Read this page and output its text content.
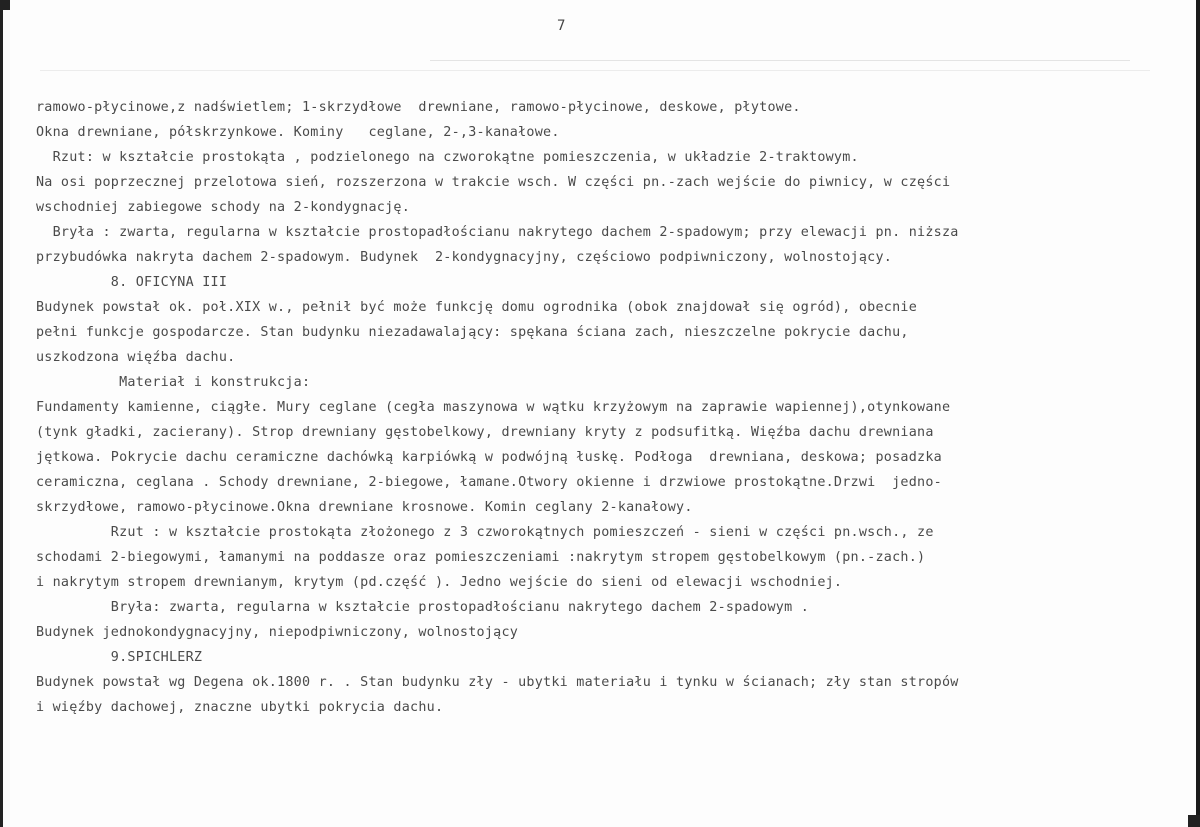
7
ramowo-płycinowe,z nadświetlem; 1-skrzydłowe  drewniane, ramowo-płycinowe, deskowe, płytowe.
Okna drewniane, półskrzynkowe. Kominy   ceglane, 2-,3-kanałowe.
Rzut: w kształcie prostokąta , podzielonego na czworokątne pomieszczenia, w układzie 2-traktowym.
Na osi poprzecznej przelotowa sień, rozszerzona w trakcie wsch. W części pn.-zach wejście do piwnicy, w części
wschodniej zabiegowe schody na 2-kondygnację.
Bryła : zwarta, regularna w kształcie prostopadłościanu nakrytego dachem 2-spadowym; przy elewacji pn. niższa
przybudówka nakryta dachem 2-spadowym. Budynek  2-kondygnacyjny, częściowo podpiwniczony, wolnostojący.
8. OFICYNA III
Budynek powstał ok. poł.XIX w., pełnił być może funkcję domu ogrodnika (obok znajdował się ogród), obecnie
pełni funkcje gospodarcze. Stan budynku niezadawalający: spękana ściana zach, nieszczelne pokrycie dachu,
uszkodzona więźba dachu.
Materiał i konstrukcja:
Fundamenty kamienne, ciągłe. Mury ceglane (cegła maszynowa w wątku krzyżowym na zaprawie wapiennej),otynkowane
(tynk gładki, zacierany). Strop drewniany gęstobelkowy, drewniany kryty z podsufitką. Więźba dachu drewniana
jętkowa. Pokrycie dachu ceramiczne dachówką karpiówką w podwójną łuskę. Podłoga  drewniana, deskowa; posadzka
ceramiczna, ceglana . Schody drewniane, 2-biegowe, łamane.Otwory okienne i drzwiowe prostokątne.Drzwi  jedno-
skrzydłowe, ramowo-płycinowe.Okna drewniane krosnowe. Komin ceglany 2-kanałowy.
Rzut : w kształcie prostokąta złożonego z 3 czworokątnych pomieszczeń - sieni w części pn.wsch., ze
schodami 2-biegowymi, łamanymi na poddasze oraz pomieszczeniami :nakrytym stropem gęstobelkowym (pn.-zach.)
i nakrytym stropem drewnianym, krytym (pd.część ). Jedno wejście do sieni od elewacji wschodniej.
Bryła: zwarta, regularna w kształcie prostopadłościanu nakrytego dachem 2-spadowym .
Budynek jednokondygnacyjny, niepodpiwniczony, wolnostojący
9.SPICHLERZ
Budynek powstał wg Degena ok.1800 r. . Stan budynku zły - ubytki materiału i tynku w ścianach; zły stan stropów
i więźby dachowej, znaczne ubytki pokrycia dachu.
